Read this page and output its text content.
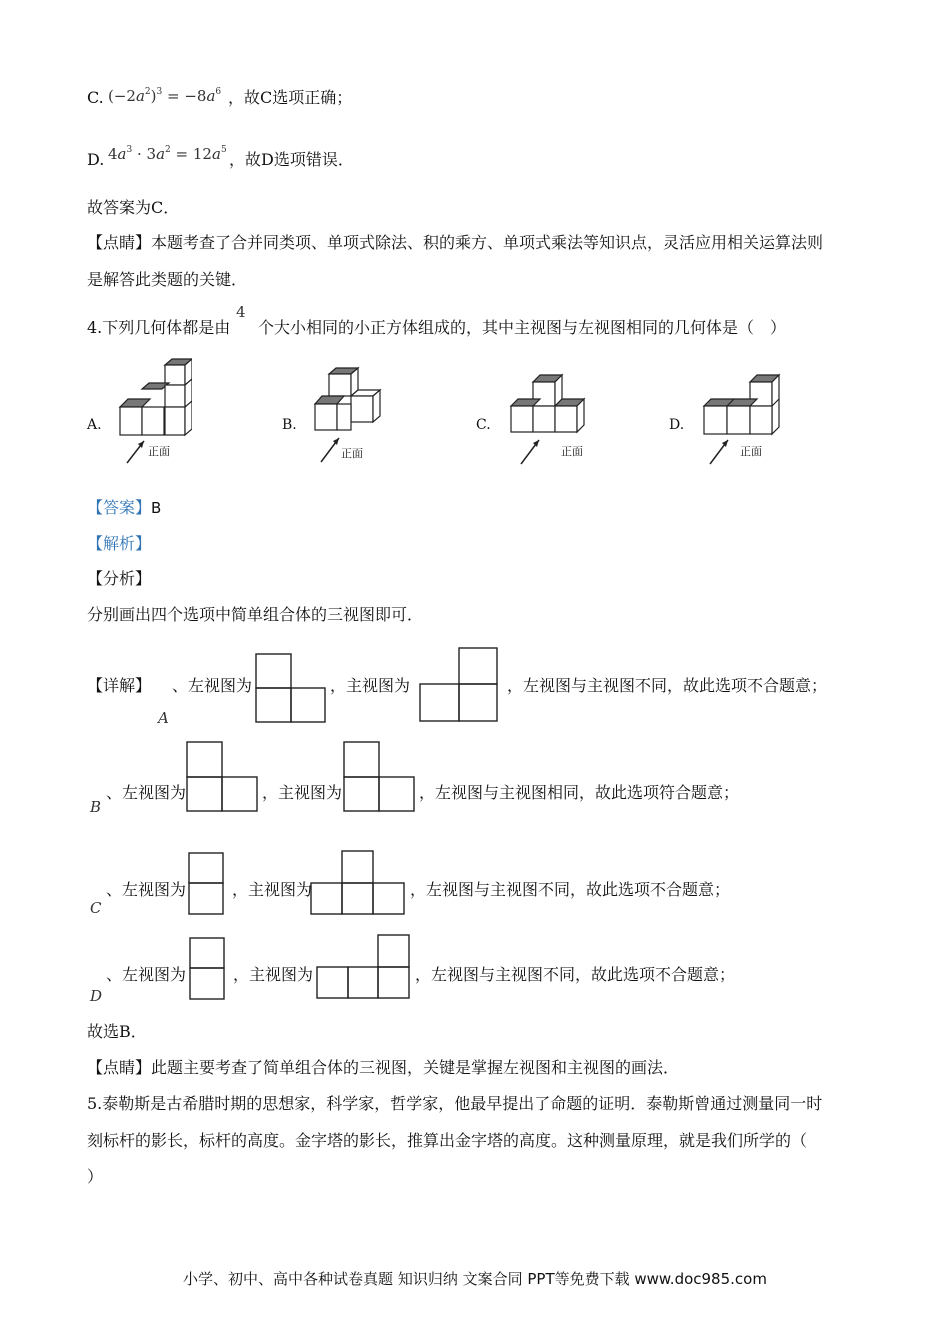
C. $(-2a^2)^3 = -8a^6$ ，故C选项正确；
D. $4a^3 \cdot 3a^2 = 12a^5$ ，故D选项错误．
故答案为C．
【点睛】本题考查了合并同类项、单项式除法、积的乘方、单项式乘法等知识点，灵活应用相关运算法则
是解答此类题的关键．
4.下列几何体都是由
4
个大小相同的小正方体组成的，其中主视图与左视图相同的几何体是（　）
A.
正面
B.
正面
C.
正面
D.
正面
【答案】B
【解析】
【分析】
分别画出四个选项中简单组合体的三视图即可．
【详解】
A
、左视图为	，主视图为	，左视图与主视图不同，故此选项不合题意；
B
、左视图为	，主视图为	，左视图与主视图相同，故此选项符合题意；
C
、左视图为	，主视图为	，左视图与主视图不同，故此选项不合题意；
D
、左视图为	，主视图为	，左视图与主视图不同，故此选项不合题意；
故选B．
【点睛】此题主要考查了简单组合体的三视图，关键是掌握左视图和主视图的画法．
5.泰勒斯是古希腊时期的思想家，科学家，哲学家，他最早提出了命题的证明．泰勒斯曾通过测量同一时
刻标杆的影长，标杆的高度。金字塔的影长，推算出金字塔的高度。这种测量原理，就是我们所学的（
）
小学、初中、高中各种试卷真题 知识归纳 文案合同 PPT等免费下载 www.doc985.com
